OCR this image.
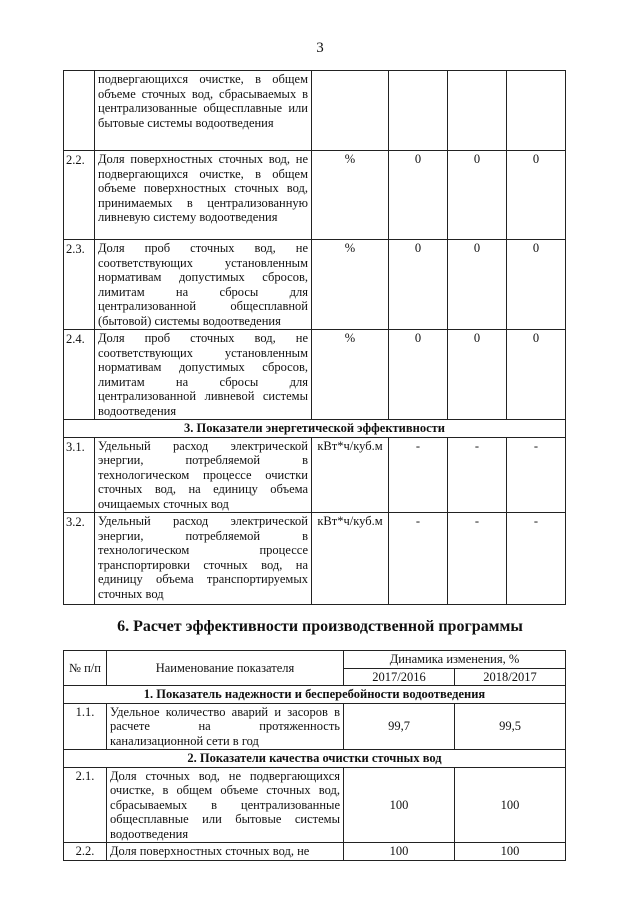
3
	подвергающихся очистке, в общем объеме сточных вод, сбрасываемых в централизованные общесплавные или бытовые системы водоотведения				
2.2.	Доля поверхностных сточных вод, не подвергающихся очистке, в общем объеме поверхностных сточных вод, принимаемых в централизованную ливневую систему водоотведения	%	0	0	0
2.3.	Доля проб сточных вод, не соответствующих установленным нормативам допустимых сбросов, лимитам на сбросы для централизованной общесплавной (бытовой) системы водоотведения	%	0	0	0
2.4.	Доля проб сточных вод, не соответствующих установленным нормативам допустимых сбросов, лимитам на сбросы для централизованной ливневой системы водоотведения	%	0	0	0
3. Показатели энергетической эффективности					
3.1.	Удельный расход электрической энергии, потребляемой в технологическом процессе очистки сточных вод, на единицу объема очищаемых сточных вод	кВт*ч/куб.м	-	-	-
3.2.	Удельный расход электрической энергии, потребляемой в технологическом процессе транспортировки сточных вод, на единицу объема транспортируемых сточных вод	кВт*ч/куб.м	-	-	-
6. Расчет эффективности производственной программы
№ п/п	Наименование показателя	Динамика изменения, %	
		2017/2016	2018/2017
1. Показатель надежности и бесперебойности водоотведения			
1.1.	Удельное количество аварий и засоров в расчете на протяженность канализационной сети в год	99,7	99,5
2. Показатели качества очистки сточных вод			
2.1.	Доля сточных вод, не подвергающихся очистке, в общем объеме сточных вод, сбрасываемых в централизованные общесплавные или бытовые системы водоотведения	100	100
2.2.	Доля поверхностных сточных вод, не	100	100
